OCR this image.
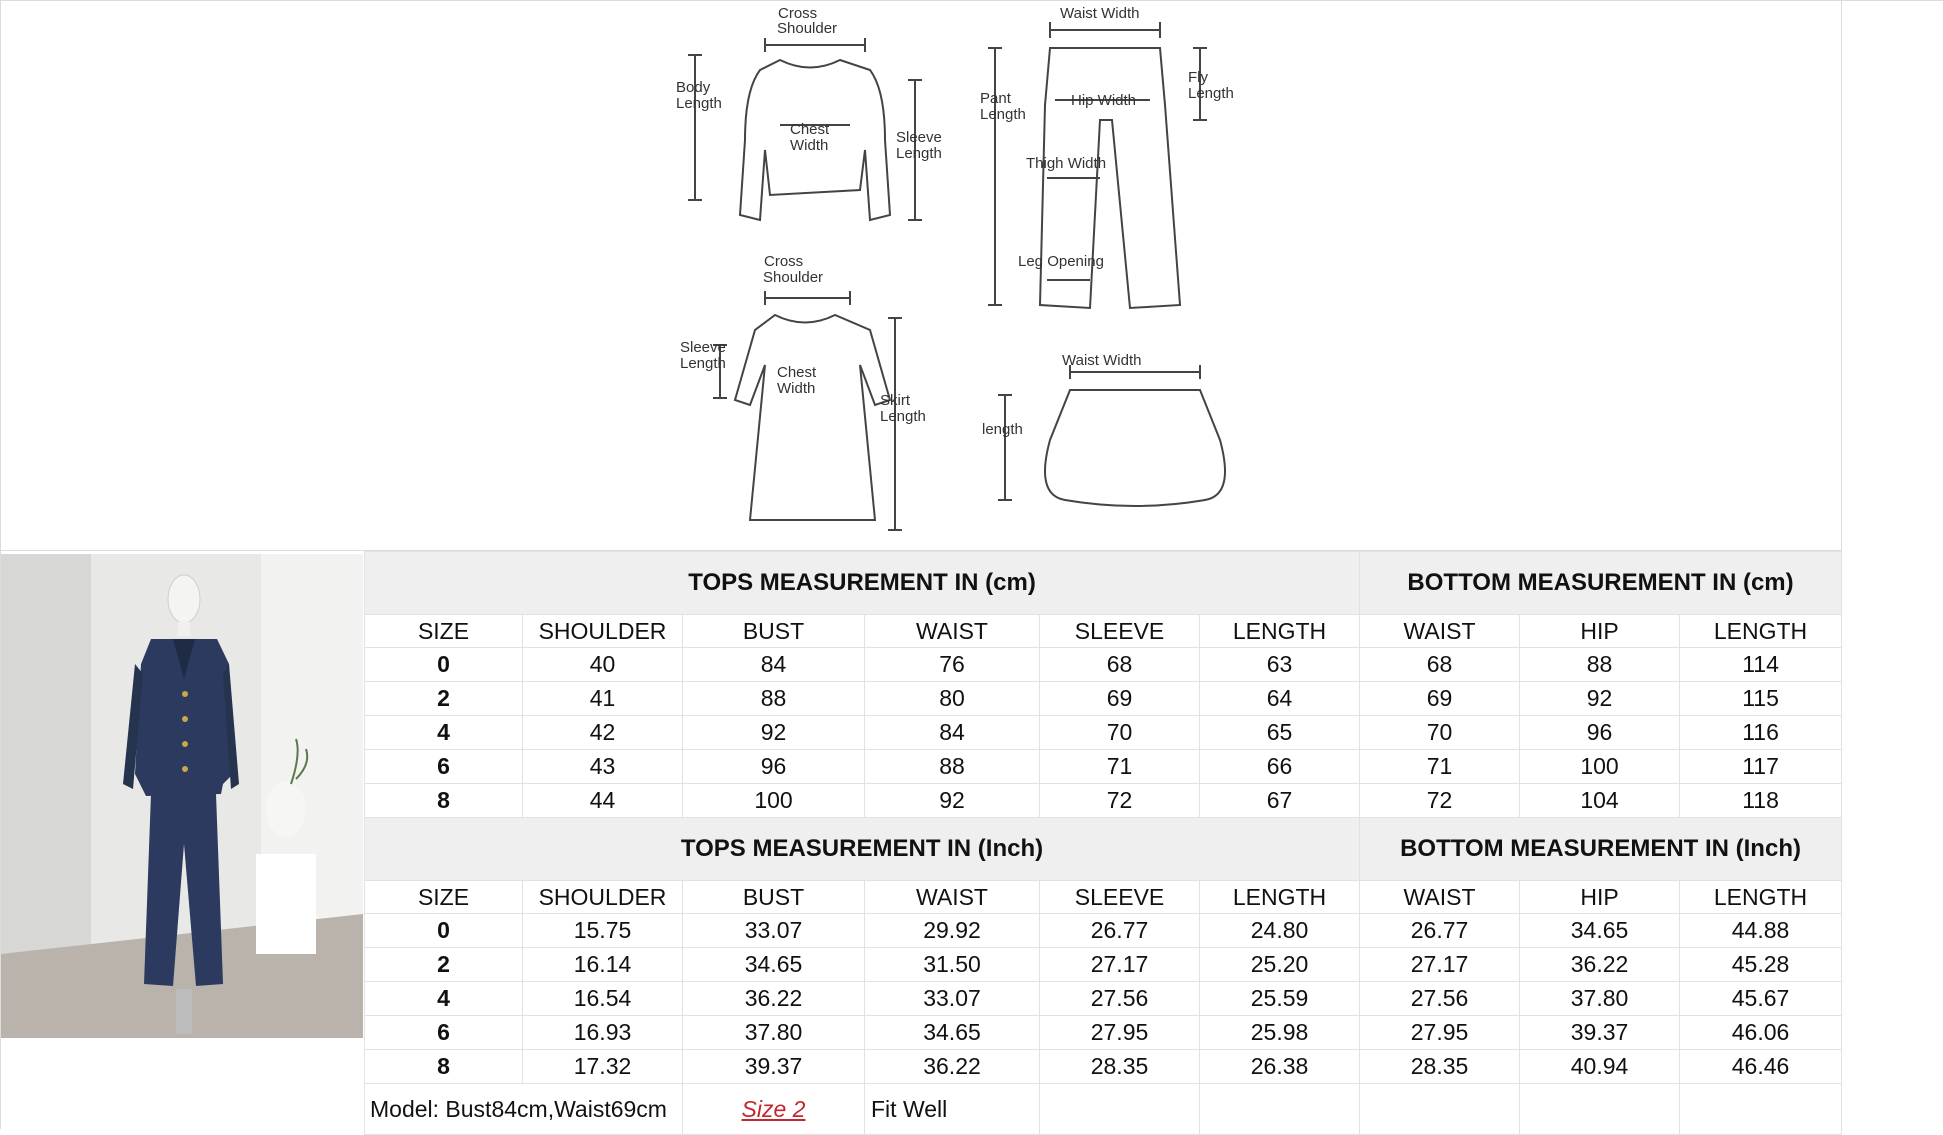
Cross
Shoulder
Body
Length
Chest
Width	Sleeve
Length
Waist Width
Pant
Length
Hip Width
Fly
Length
Thigh Width
Leg Opening
Cross
Shoulder
Sleeve
Length
Chest
Width
Skirt
Length
Waist Width
length
TOPS MEASUREMENT IN (cm)						BOTTOM MEASUREMENT IN (cm)		
SIZE	SHOULDER	BUST	WAIST	SLEEVE	LENGTH	WAIST	HIP	LENGTH
0	40	84	76	68	63	68	88	114
2	41	88	80	69	64	69	92	115
4	42	92	84	70	65	70	96	116
6	43	96	88	71	66	71	100	117
8	44	100	92	72	67	72	104	118
TOPS MEASUREMENT IN (Inch)						BOTTOM MEASUREMENT IN (Inch)		
SIZE	SHOULDER	BUST	WAIST	SLEEVE	LENGTH	WAIST	HIP	LENGTH
0	15.75	33.07	29.92	26.77	24.80	26.77	34.65	44.88
2	16.14	34.65	31.50	27.17	25.20	27.17	36.22	45.28
4	16.54	36.22	33.07	27.56	25.59	27.56	37.80	45.67
6	16.93	37.80	34.65	27.95	25.98	27.95	39.37	46.06
8	17.32	39.37	36.22	28.35	26.38	28.35	40.94	46.46
Model: Bust84cm,Waist69cm		Size 2	Fit Well					
